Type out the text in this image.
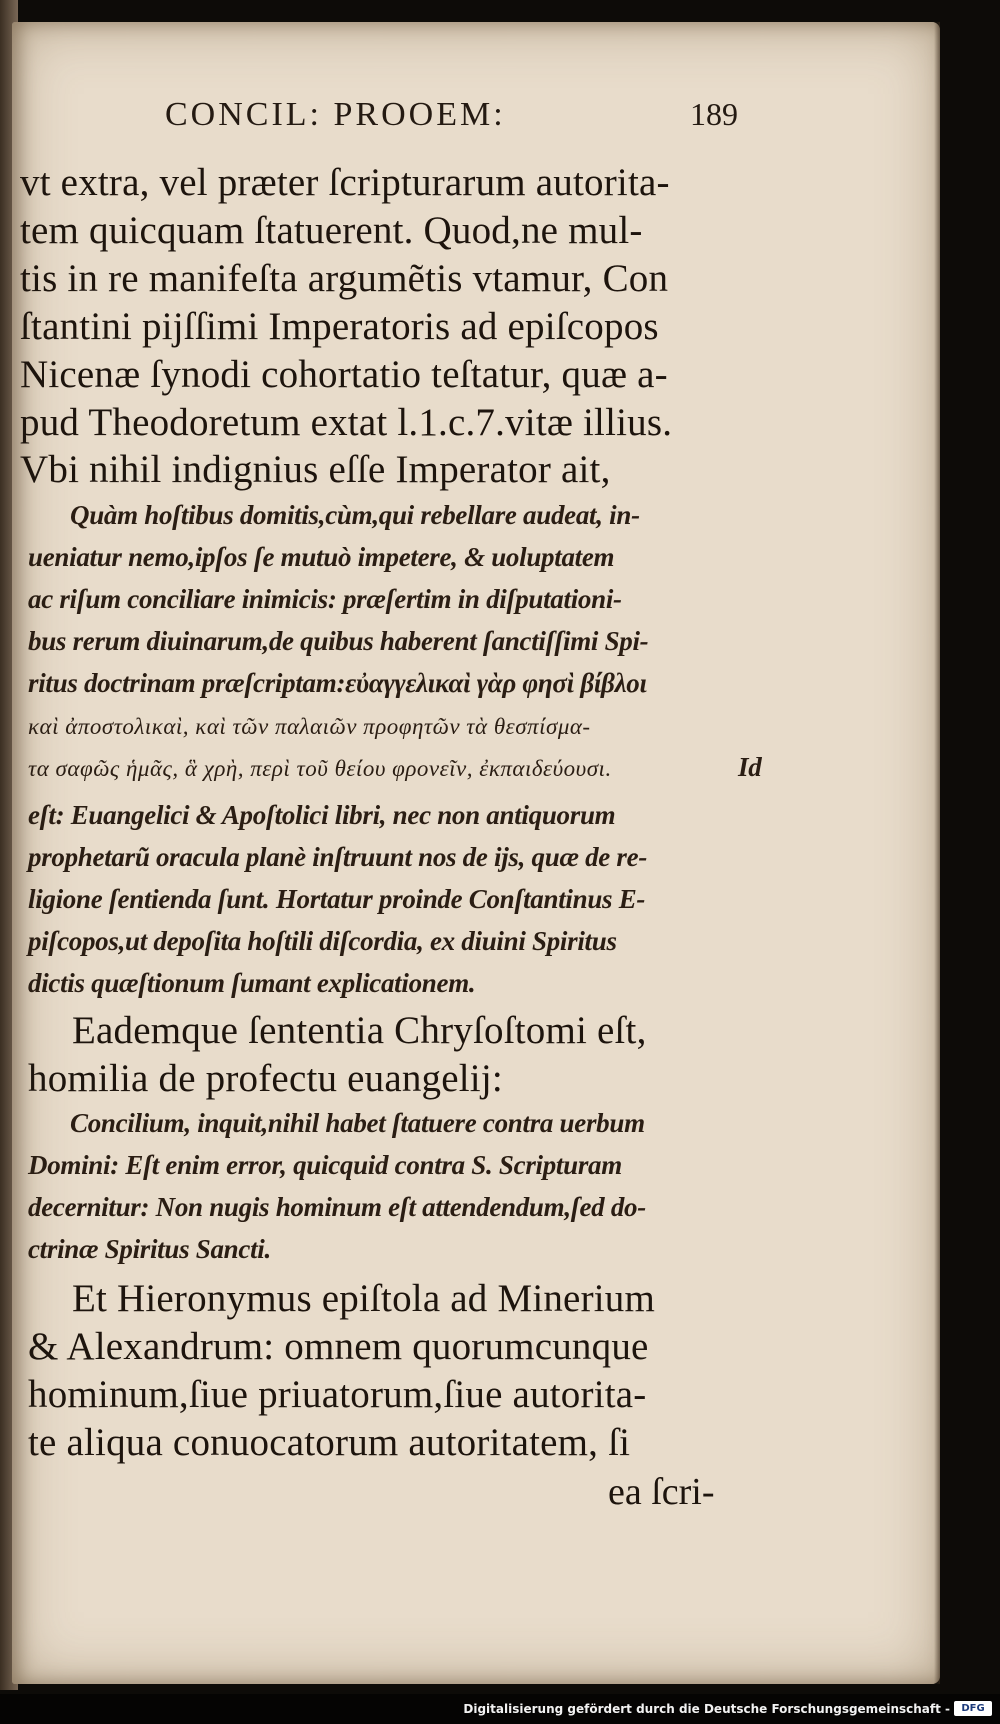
CONCIL: PROOEM:	189
vt extra, vel præter ſcripturarum autorita-
tem quicquam ſtatuerent. Quod,ne mul-
tis in re manifeſta argumẽtis vtamur, Con
ſtantini pijſſimi Imperatoris ad epiſcopos
Nicenæ ſynodi cohortatio teſtatur, quæ a-
pud Theodoretum extat l.1.c.7.vitæ illius.
Vbi nihil indignius eſſe Imperator ait,
Quàm hoſtibus domitis,cùm,qui rebellare audeat, in-
ueniatur nemo,ipſos ſe mutuò impetere, & uoluptatem
ac riſum conciliare inimicis: præſertim in diſputationi-
bus rerum diuinarum,de quibus haberent ſanctiſſimi Spi-
ritus doctrinam præſcriptam:εὐαγγελικαὶ γὰρ φησὶ βίβλοι
καὶ ἀποστολικαὶ, καὶ τῶν παλαιῶν προφητῶν τὰ θεσπίσμα-
τα σαφῶς ἡμᾶς, ἃ χρὴ, περὶ τοῦ θείου φρονεῖν, ἐκπαιδεύουσι.	Id
eſt: Euangelici & Apoſtolici libri, nec non antiquorum
prophetarũ oracula planè inſtruunt nos de ijs, quæ de re-
ligione ſentienda ſunt. Hortatur proinde Conſtantinus E-
piſcopos,ut depoſita hoſtili diſcordia, ex diuini Spiritus
dictis quæſtionum ſumant explicationem.
Eademque ſententia Chryſoſtomi eſt,
homilia de profectu euangelij:
Concilium, inquit,nihil habet ſtatuere contra uerbum
Domini: Eſt enim error, quicquid contra S. Scripturam
decernitur: Non nugis hominum eſt attendendum,ſed do-
ctrinæ Spiritus Sancti.
Et Hieronymus epiſtola ad Minerium
& Alexandrum: omnem quorumcunque
hominum,ſiue priuatorum,ſiue autorita-
te aliqua conuocatorum autoritatem, ſi
ea ſcri-
Digitalisierung gefördert durch die Deutsche Forschungsgemeinschaft -	DFG
